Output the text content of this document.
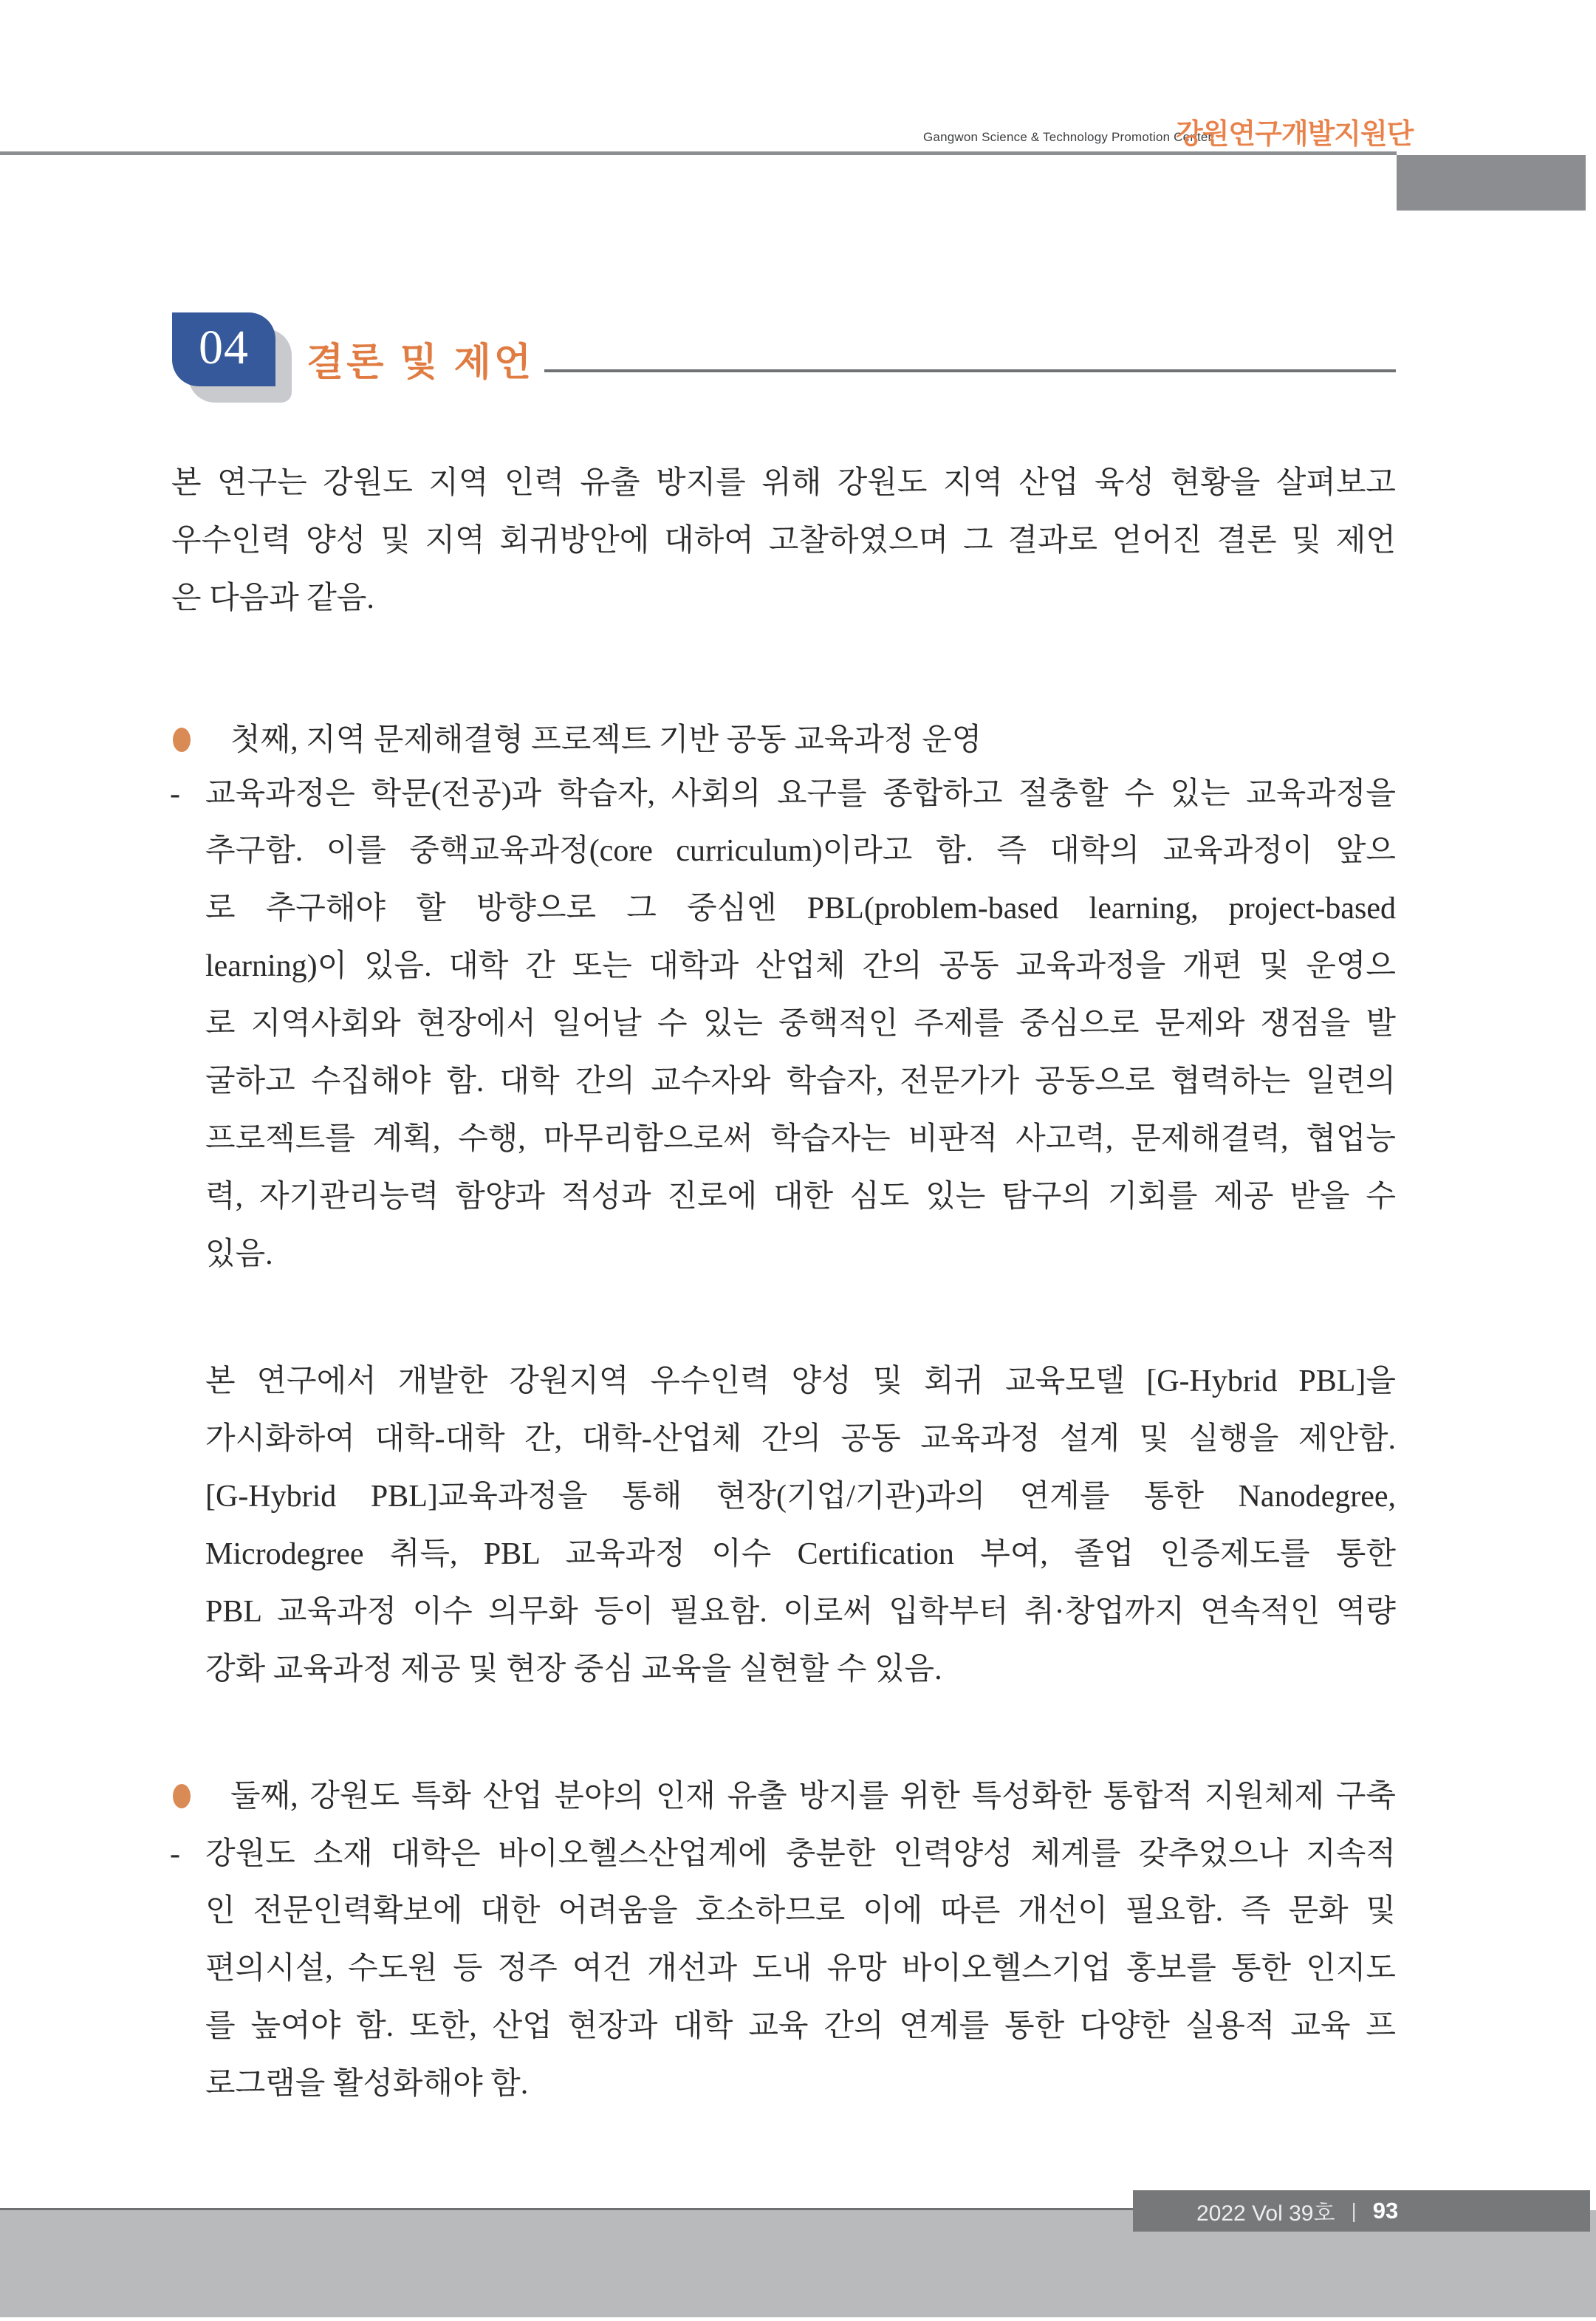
Gangwon Science & Technology Promotion Center
강원연구개발지원단
04 결론 및 제언
본 연구는 강원도 지역 인력 유출 방지를 위해 강원도 지역 산업 육성 현황을 살펴보고
우수인력 양성 및 지역 회귀방안에 대하여 고찰하였으며 그 결과로 얻어진 결론 및 제언
은 다음과 같음.
첫째, 지역 문제해결형 프로젝트 기반 공동 교육과정 운영
교육과정은 학문(전공)과 학습자, 사회의 요구를 종합하고 절충할 수 있는 교육과정을
-
추구함. 이를 중핵교육과정(core curriculum)이라고 함. 즉 대학의 교육과정이 앞으
로 추구해야 할 방향으로 그 중심엔 PBL(problem-based learning, project-based
learning)이 있음. 대학 간 또는 대학과 산업체 간의 공동 교육과정을 개편 및 운영으
로 지역사회와 현장에서 일어날 수 있는 중핵적인 주제를 중심으로 문제와 쟁점을 발
굴하고 수집해야 함. 대학 간의 교수자와 학습자, 전문가가 공동으로 협력하는 일련의
프로젝트를 계획, 수행, 마무리함으로써 학습자는 비판적 사고력, 문제해결력, 협업능
력, 자기관리능력 함양과 적성과 진로에 대한 심도 있는 탐구의 기회를 제공 받을 수
있음.
본 연구에서 개발한 강원지역 우수인력 양성 및 회귀 교육모델 [G-Hybrid PBL]을
가시화하여 대학-대학 간, 대학-산업체 간의 공동 교육과정 설계 및 실행을 제안함.
[G-Hybrid PBL]교육과정을 통해 현장(기업/기관)과의 연계를 통한 Nanodegree,
Microdegree 취득, PBL 교육과정 이수 Certification 부여, 졸업 인증제도를 통한
PBL 교육과정 이수 의무화 등이 필요함. 이로써 입학부터 취·창업까지 연속적인 역량
강화 교육과정 제공 및 현장 중심 교육을 실현할 수 있음.
둘째, 강원도 특화 산업 분야의 인재 유출 방지를 위한 특성화한 통합적 지원체제 구축
강원도 소재 대학은 바이오헬스산업계에 충분한 인력양성 체계를 갖추었으나 지속적
-
인 전문인력확보에 대한 어려움을 호소하므로 이에 따른 개선이 필요함. 즉 문화 및
편의시설, 수도원 등 정주 여건 개선과 도내 유망 바이오헬스기업 홍보를 통한 인지도
를 높여야 함. 또한, 산업 현장과 대학 교육 간의 연계를 통한 다양한 실용적 교육 프
로그램을 활성화해야 함.
2022 Vol 39호 | 93
